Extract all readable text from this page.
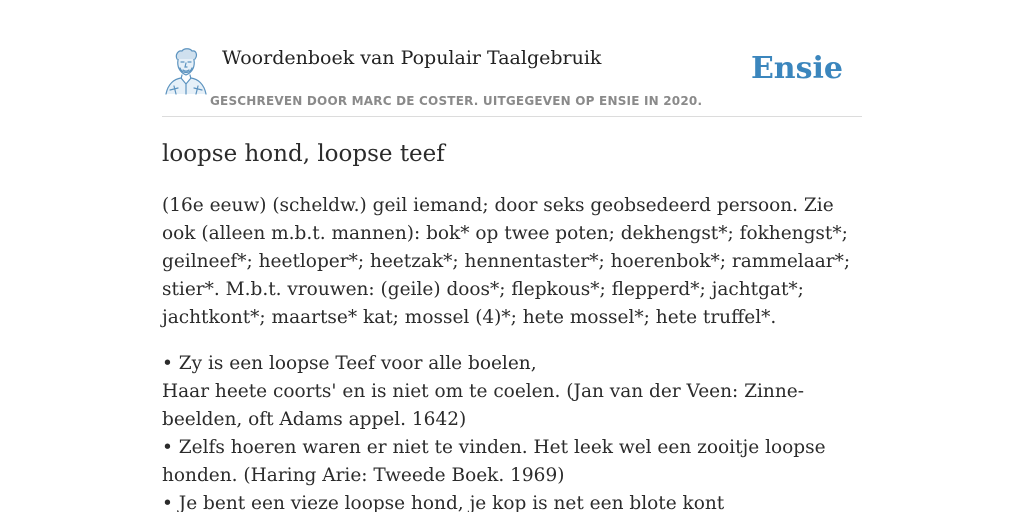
Woordenboek van Populair Taalgebruik
GESCHREVEN DOOR MARC DE COSTER. UITGEGEVEN OP ENSIE IN 2020.
Ensie
loopse hond, loopse teef

(16e eeuw) (scheldw.) geil iemand; door seks geobsedeerd persoon. Zie ook (alleen m.b.t. mannen): bok* op twee poten; dekhengst*; fokhengst*; geilneef*; heetloper*; heetzak*; hennentaster*; hoerenbok*; rammelaar*; stier*. M.b.t. vrouwen: (geile) doos*; flepkous*; flepperd*; jachtgat*; jachtkont*; maartse* kat; mossel (4)*; hete mossel*; hete truffel*.

• Zy is een loopse Teef voor alle boelen,
Haar heete coorts' en is niet om te coelen. (Jan van der Veen: Zinne-beelden, oft Adams appel. 1642)
• Zelfs hoeren waren er niet te vinden. Het leek wel een zooitje loopse honden. (Haring Arie: Tweede Boek. 1969)
• Je bent een vieze loopse hond, je kop is net een blote kont
